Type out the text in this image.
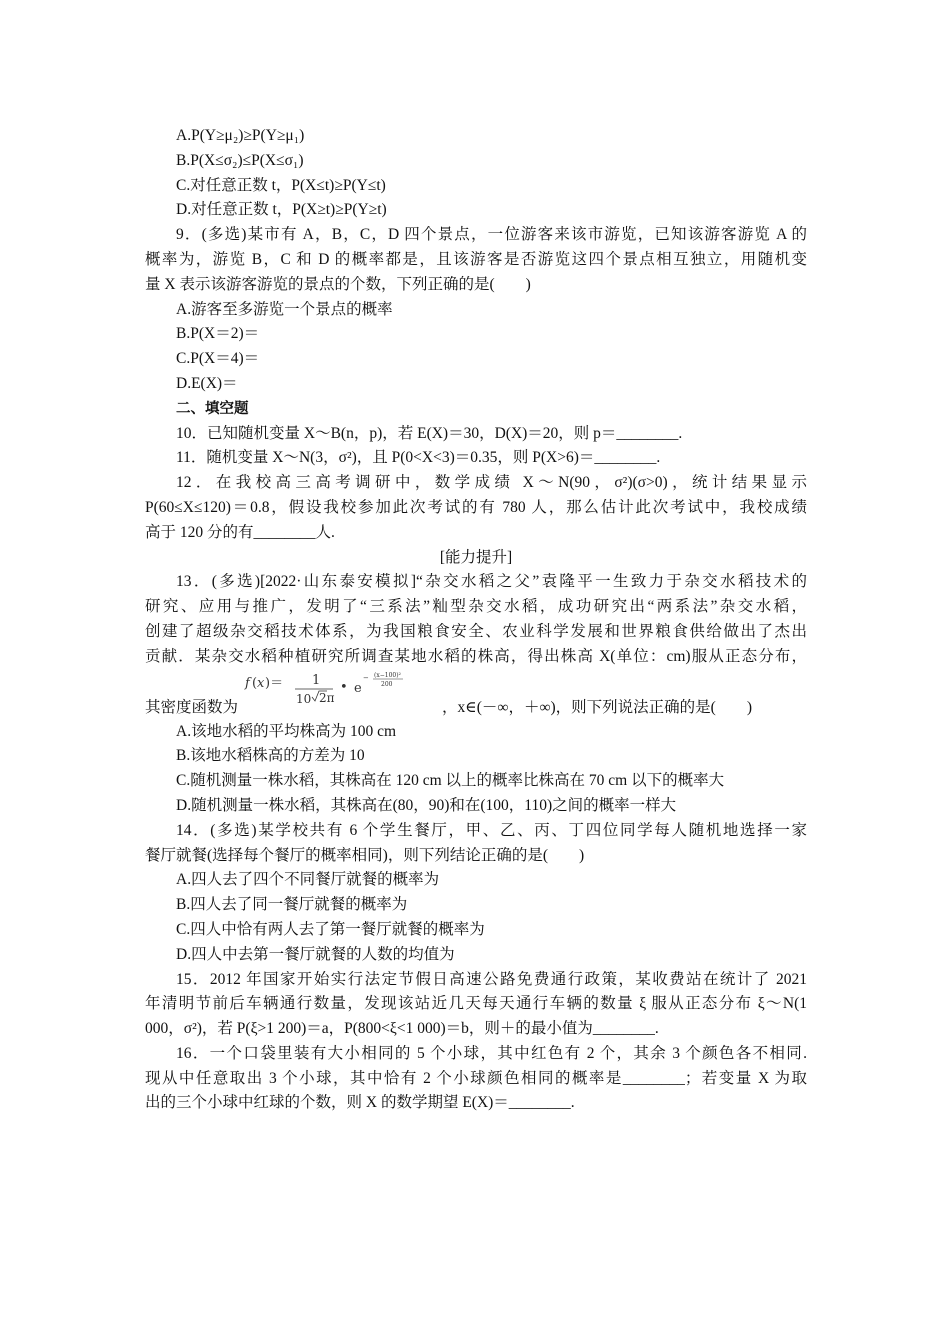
A.P(Y≥μ₂)≥P(Y≥μ₁)
B.P(X≤σ₂)≤P(X≤σ₁)
C.对任意正数 t，P(X≤t)≥P(Y≤t)
D.对任意正数 t，P(X≥t)≥P(Y≥t)
9．(多选)某市有 A，B，C，D 四个景点，一位游客来该市游览，已知该游客游览 A 的
概率为，游览 B，C 和 D 的概率都是，且该游客是否游览这四个景点相互独立，用随机变
量 X 表示该游客游览的景点的个数，下列正确的是(　　)
A.游客至多游览一个景点的概率
B.P(X＝2)＝
C.P(X＝4)＝
D.E(X)＝
二、填空题
10．已知随机变量 X～B(n，p)，若 E(X)＝30，D(X)＝20，则 p＝________.
11．随机变量 X～N(3，σ²)，且 P(0<X<3)＝0.35，则 P(X>6)＝________.
12．在我校高三高考调研中，数学成绩 X～N(90，σ²)(σ>0)，统计结果显示
P(60≤X≤120)＝0.8，假设我校参加此次考试的有 780 人，那么估计此次考试中，我校成绩
高于 120 分的有________人.
[能力提升]
13．(多选)[2022·山东泰安模拟]“杂交水稻之父”袁隆平一生致力于杂交水稻技术的
研究、应用与推广，发明了“三系法”籼型杂交水稻，成功研究出“两系法”杂交水稻，
创建了超级杂交稻技术体系，为我国粮食安全、农业科学发展和世界粮食供给做出了杰出
贡献．某杂交水稻种植研究所调查某地水稻的株高，得出株高 X(单位：cm)服从正态分布，
f ( x )＝ 1
10 2π
• e
− (x−100)²
200
其密度函数为	，x∈(－∞，＋∞)，则下列说法正确的是(　　)
A.该地水稻的平均株高为 100 cm
B.该地水稻株高的方差为 10
C.随机测量一株水稻，其株高在 120 cm 以上的概率比株高在 70 cm 以下的概率大
D.随机测量一株水稻，其株高在(80，90)和在(100，110)之间的概率一样大
14．(多选)某学校共有 6 个学生餐厅，甲、乙、丙、丁四位同学每人随机地选择一家
餐厅就餐(选择每个餐厅的概率相同)，则下列结论正确的是(　　)
A.四人去了四个不同餐厅就餐的概率为
B.四人去了同一餐厅就餐的概率为
C.四人中恰有两人去了第一餐厅就餐的概率为
D.四人中去第一餐厅就餐的人数的均值为
15．2012 年国家开始实行法定节假日高速公路免费通行政策，某收费站在统计了 2021
年清明节前后车辆通行数量，发现该站近几天每天通行车辆的数量 ξ 服从正态分布 ξ～N(1
000，σ²)，若 P(ξ>1 200)＝a，P(800<ξ<1 000)＝b，则＋的最小值为________.
16．一个口袋里装有大小相同的 5 个小球，其中红色有 2 个，其余 3 个颜色各不相同.
现从中任意取出 3 个小球，其中恰有 2 个小球颜色相同的概率是________；若变量 X 为取
出的三个小球中红球的个数，则 X 的数学期望 E(X)＝________.
